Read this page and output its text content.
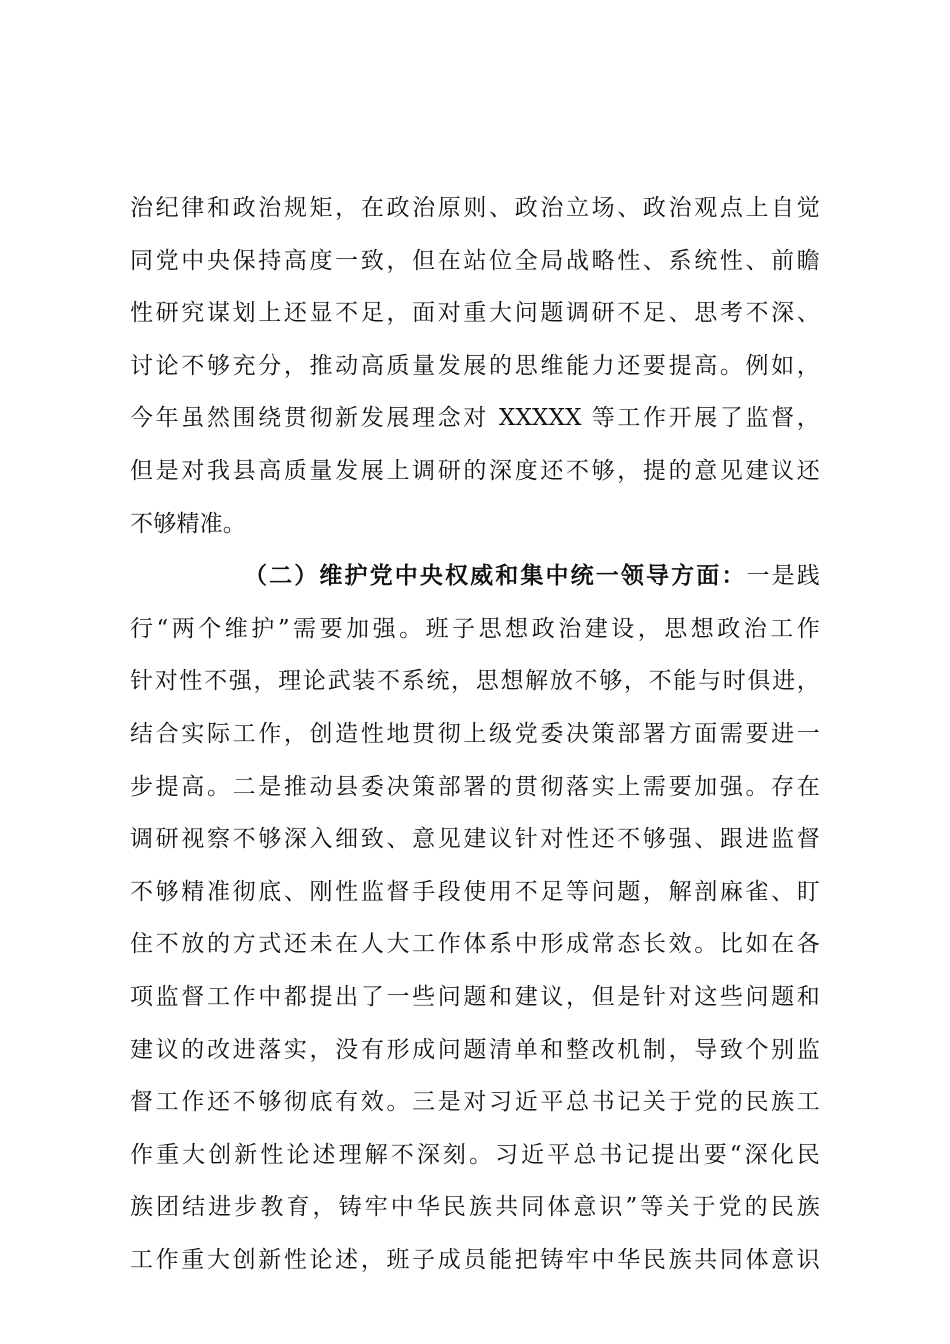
治纪律和政治规矩，在政治原则、政治立场、政治观点上自觉
同党中央保持高度一致，但在站位全局战略性、系统性、前瞻
性研究谋划上还显不足，面对重大问题调研不足、思考不深、
讨论不够充分，推动高质量发展的思维能力还要提高。例如，
今年虽然围绕贯彻新发展理念对 XXXXX 等工作开展了监督，
但是对我县高质量发展上调研的深度还不够，提的意见建议还
不够精准。
（二）维护党中央权威和集中统一领导方面：一是践
行“两个维护”需要加强。班子思想政治建设，思想政治工作
针对性不强，理论武装不系统，思想解放不够，不能与时俱进，
结合实际工作，创造性地贯彻上级党委决策部署方面需要进一
步提高。二是推动县委决策部署的贯彻落实上需要加强。存在
调研视察不够深入细致、意见建议针对性还不够强、跟进监督
不够精准彻底、刚性监督手段使用不足等问题，解剖麻雀、盯
住不放的方式还未在人大工作体系中形成常态长效。比如在各
项监督工作中都提出了一些问题和建议，但是针对这些问题和
建议的改进落实，没有形成问题清单和整改机制，导致个别监
督工作还不够彻底有效。三是对习近平总书记关于党的民族工
作重大创新性论述理解不深刻。习近平总书记提出要“深化民
族团结进步教育，铸牢中华民族共同体意识”等关于党的民族
工作重大创新性论述，班子成员能把铸牢中华民族共同体意识
